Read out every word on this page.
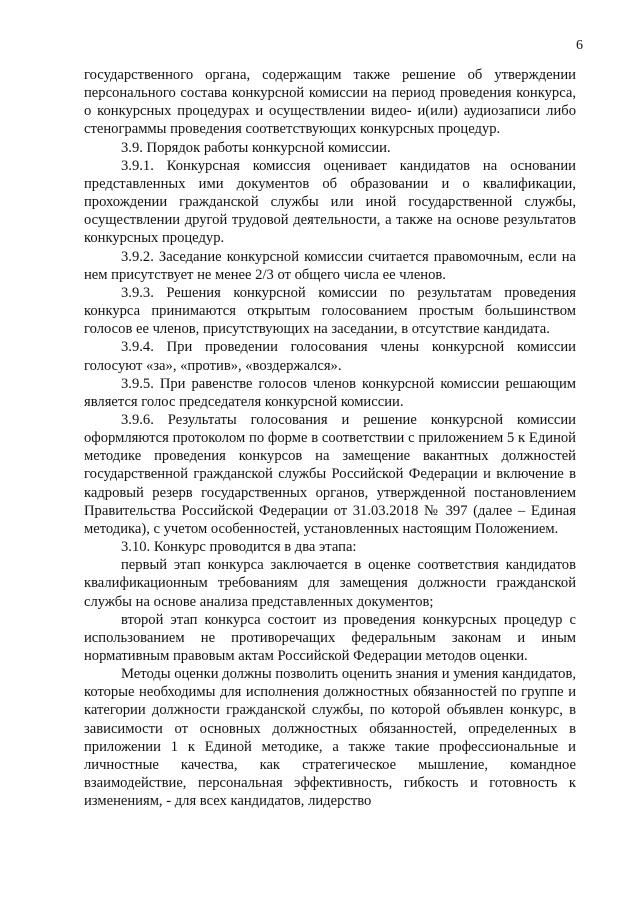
6

государственного органа, содержащим также решение об утверждении персонального состава конкурсной комиссии на период проведения конкурса, о конкурсных процедурах и осуществлении видео- и(или) аудиозаписи либо стенограммы проведения соответствующих конкурсных процедур.

3.9. Порядок работы конкурсной комиссии.

3.9.1. Конкурсная комиссия оценивает кандидатов на основании представленных ими документов об образовании и о квалификации, прохождении гражданской службы или иной государственной службы, осуществлении другой трудовой деятельности, а также на основе результатов конкурсных процедур.

3.9.2. Заседание конкурсной комиссии считается правомочным, если на нем присутствует не менее 2/3 от общего числа ее членов.

3.9.3. Решения конкурсной комиссии по результатам проведения конкурса принимаются открытым голосованием простым большинством голосов ее членов, присутствующих на заседании, в отсутствие кандидата.

3.9.4. При проведении голосования члены конкурсной комиссии голосуют «за», «против», «воздержался».

3.9.5. При равенстве голосов членов конкурсной комиссии решающим является голос председателя конкурсной комиссии.

3.9.6. Результаты голосования и решение конкурсной комиссии оформляются протоколом по форме в соответствии с приложением 5 к Единой методике проведения конкурсов на замещение вакантных должностей государственной гражданской службы Российской Федерации и включение в кадровый резерв государственных органов, утвержденной постановлением Правительства Российской Федерации от 31.03.2018 № 397 (далее – Единая методика), с учетом особенностей, установленных настоящим Положением.

3.10. Конкурс проводится в два этапа:

первый этап конкурса заключается в оценке соответствия кандидатов квалификационным требованиям для замещения должности гражданской службы на основе анализа представленных документов;

второй этап конкурса состоит из проведения конкурсных процедур с использованием не противоречащих федеральным законам и иным нормативным правовым актам Российской Федерации методов оценки.

Методы оценки должны позволить оценить знания и умения кандидатов, которые необходимы для исполнения должностных обязанностей по группе и категории должности гражданской службы, по которой объявлен конкурс, в зависимости от основных должностных обязанностей, определенных в приложении 1 к Единой методике, а также такие профессиональные и личностные качества, как стратегическое мышление, командное взаимодействие, персональная эффективность, гибкость и готовность к изменениям, - для всех кандидатов, лидерство
